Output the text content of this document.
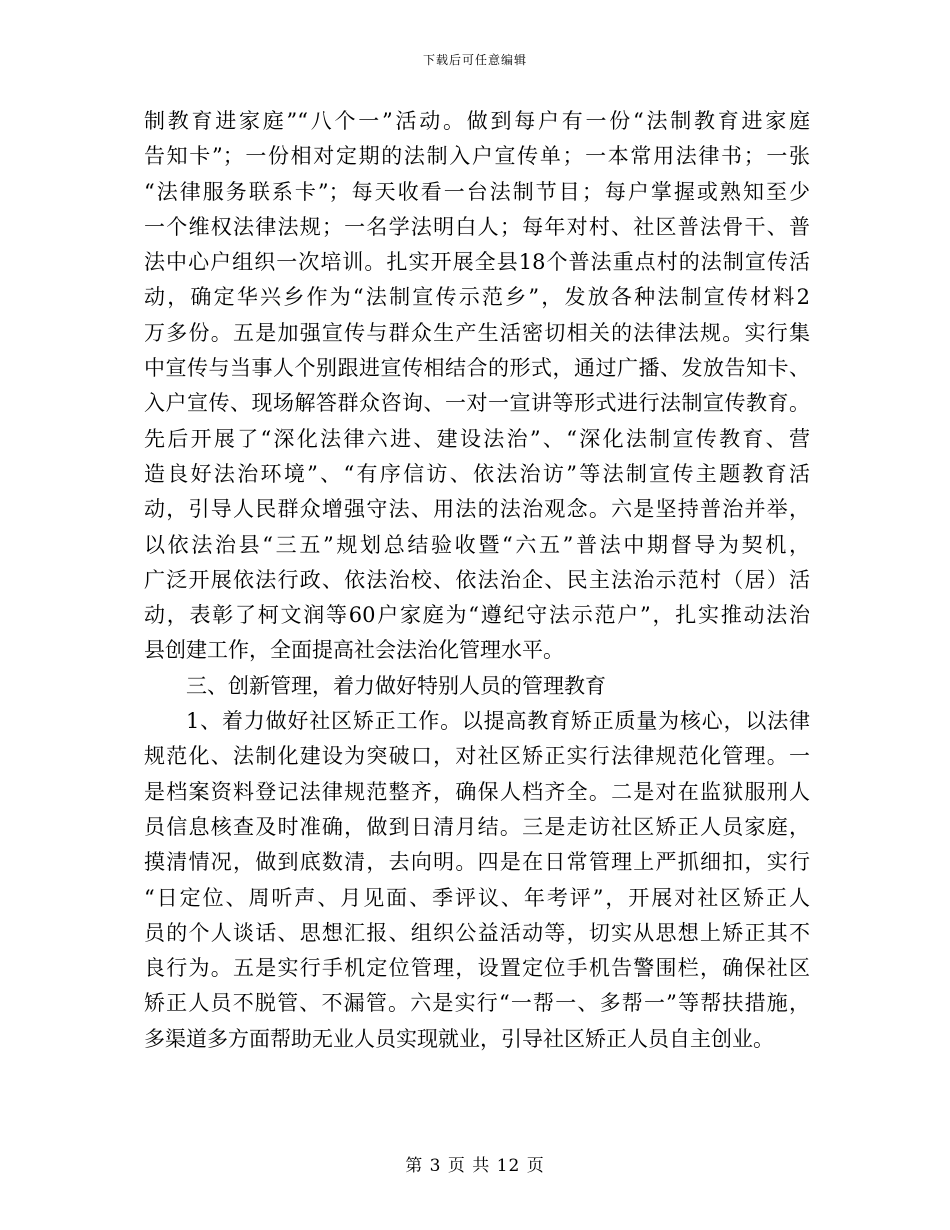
下载后可任意编辑
制教育进家庭”“八个一”活动。做到每户有一份“法制教育进家庭
告知卡”；一份相对定期的法制入户宣传单；一本常用法律书；一张
“法律服务联系卡”；每天收看一台法制节目；每户掌握或熟知至少
一个维权法律法规；一名学法明白人；每年对村、社区普法骨干、普
法中心户组织一次培训。扎实开展全县18个普法重点村的法制宣传活
动，确定华兴乡作为“法制宣传示范乡”，发放各种法制宣传材料2
万多份。五是加强宣传与群众生产生活密切相关的法律法规。实行集
中宣传与当事人个别跟进宣传相结合的形式，通过广播、发放告知卡、
入户宣传、现场解答群众咨询、一对一宣讲等形式进行法制宣传教育。
先后开展了“深化法律六进、建设法治”、“深化法制宣传教育、营
造良好法治环境”、“有序信访、依法治访”等法制宣传主题教育活
动，引导人民群众增强守法、用法的法治观念。六是坚持普治并举，
以依法治县“三五”规划总结验收暨“六五”普法中期督导为契机，
广泛开展依法行政、依法治校、依法治企、民主法治示范村（居）活
动，表彰了柯文润等60户家庭为“遵纪守法示范户”，扎实推动法治
县创建工作，全面提高社会法治化管理水平。
三、创新管理，着力做好特别人员的管理教育
1、着力做好社区矫正工作。以提高教育矫正质量为核心，以法律
规范化、法制化建设为突破口，对社区矫正实行法律规范化管理。一
是档案资料登记法律规范整齐，确保人档齐全。二是对在监狱服刑人
员信息核查及时准确，做到日清月结。三是走访社区矫正人员家庭，
摸清情况，做到底数清，去向明。四是在日常管理上严抓细扣，实行
“日定位、周听声、月见面、季评议、年考评”，开展对社区矫正人
员的个人谈话、思想汇报、组织公益活动等，切实从思想上矫正其不
良行为。五是实行手机定位管理，设置定位手机告警围栏，确保社区
矫正人员不脱管、不漏管。六是实行“一帮一、多帮一”等帮扶措施，
多渠道多方面帮助无业人员实现就业，引导社区矫正人员自主创业。
第 3 页 共 12 页
